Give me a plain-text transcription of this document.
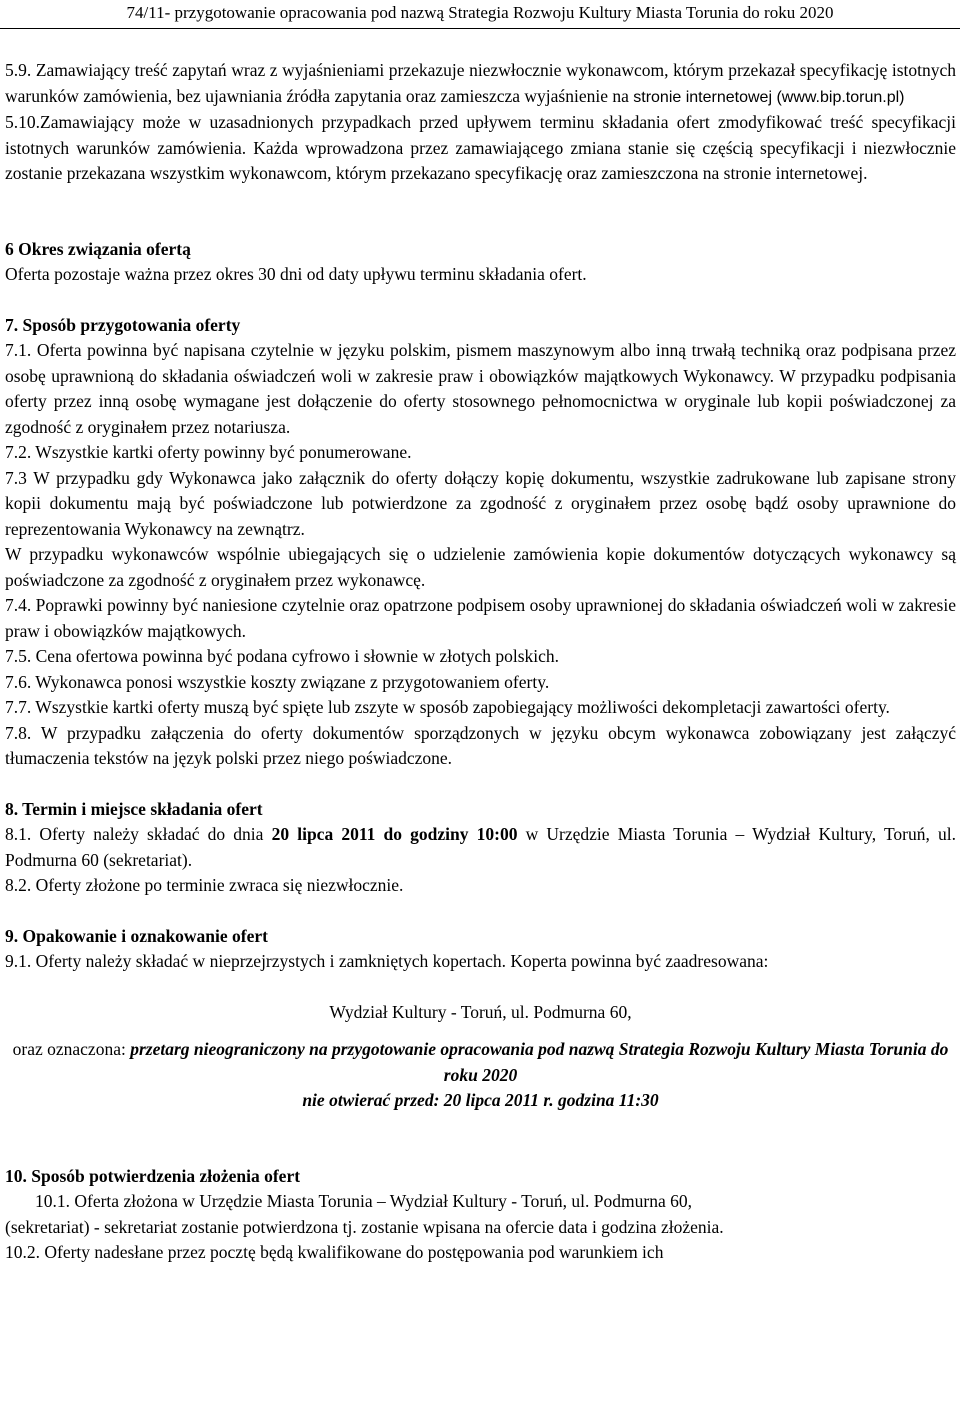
74/11- przygotowanie opracowania pod nazwą Strategia Rozwoju Kultury Miasta Torunia do roku 2020

5.9. Zamawiający treść zapytań wraz z wyjaśnieniami przekazuje niezwłocznie wykonawcom, którym przekazał specyfikację istotnych warunków zamówienia, bez ujawniania źródła zapytania oraz zamieszcza wyjaśnienie na stronie internetowej (www.bip.torun.pl)

5.10.Zamawiający może w uzasadnionych przypadkach przed upływem terminu składania ofert zmodyfikować treść specyfikacji istotnych warunków zamówienia. Każda wprowadzona przez zamawiającego zmiana stanie się częścią specyfikacji i niezwłocznie zostanie przekazana wszystkim wykonawcom, którym przekazano specyfikację oraz zamieszczona na stronie internetowej.

6 Okres związania ofertą

Oferta pozostaje ważna przez okres 30 dni od daty upływu terminu składania ofert.

7. Sposób przygotowania oferty

7.1. Oferta powinna być napisana czytelnie w języku polskim, pismem maszynowym albo inną trwałą techniką oraz podpisana przez osobę uprawnioną do składania oświadczeń woli w zakresie praw i obowiązków majątkowych Wykonawcy. W przypadku podpisania oferty przez inną osobę wymagane jest dołączenie do oferty stosownego pełnomocnictwa w oryginale lub kopii poświadczonej za zgodność z oryginałem przez notariusza.

7.2. Wszystkie kartki oferty powinny być ponumerowane.

7.3 W przypadku gdy Wykonawca jako załącznik do oferty dołączy kopię dokumentu, wszystkie zadrukowane lub zapisane strony kopii dokumentu mają być poświadczone lub potwierdzone za zgodność z oryginałem przez osobę bądź osoby uprawnione do reprezentowania Wykonawcy na zewnątrz.

W przypadku wykonawców wspólnie ubiegających się o udzielenie zamówienia kopie dokumentów dotyczących wykonawcy są poświadczone za zgodność z oryginałem przez wykonawcę.

7.4. Poprawki powinny być naniesione czytelnie oraz opatrzone podpisem osoby uprawnionej do składania oświadczeń woli w zakresie praw i obowiązków majątkowych.

7.5. Cena ofertowa powinna być podana cyfrowo i słownie w złotych polskich.

7.6. Wykonawca ponosi wszystkie koszty związane z przygotowaniem oferty.

7.7. Wszystkie kartki oferty muszą być spięte lub zszyte w sposób zapobiegający możliwości dekompletacji zawartości oferty.

7.8. W przypadku załączenia do oferty dokumentów sporządzonych w języku obcym wykonawca zobowiązany jest załączyć tłumaczenia tekstów na język polski przez niego poświadczone.

8. Termin i miejsce składania ofert

8.1. Oferty należy składać do dnia 20 lipca 2011 do godziny 10:00 w Urzędzie Miasta Torunia – Wydział Kultury, Toruń, ul. Podmurna 60 (sekretariat).

8.2. Oferty złożone po terminie zwraca się niezwłocznie.

9. Opakowanie i oznakowanie ofert

9.1. Oferty należy składać w nieprzejrzystych i zamkniętych kopertach. Koperta powinna być zaadresowana:

Wydział Kultury - Toruń, ul. Podmurna 60,

oraz oznaczona: przetarg nieograniczony na przygotowanie opracowania pod nazwą Strategia Rozwoju Kultury Miasta Torunia do roku 2020

nie otwierać przed: 20 lipca 2011 r. godzina 11:30

10. Sposób potwierdzenia złożenia ofert

10.1. Oferta złożona w Urzędzie Miasta Torunia – Wydział Kultury - Toruń, ul. Podmurna 60,

(sekretariat) - sekretariat zostanie potwierdzona tj. zostanie wpisana na ofercie data i godzina złożenia.

10.2. Oferty nadesłane przez pocztę będą kwalifikowane do postępowania pod warunkiem ich
